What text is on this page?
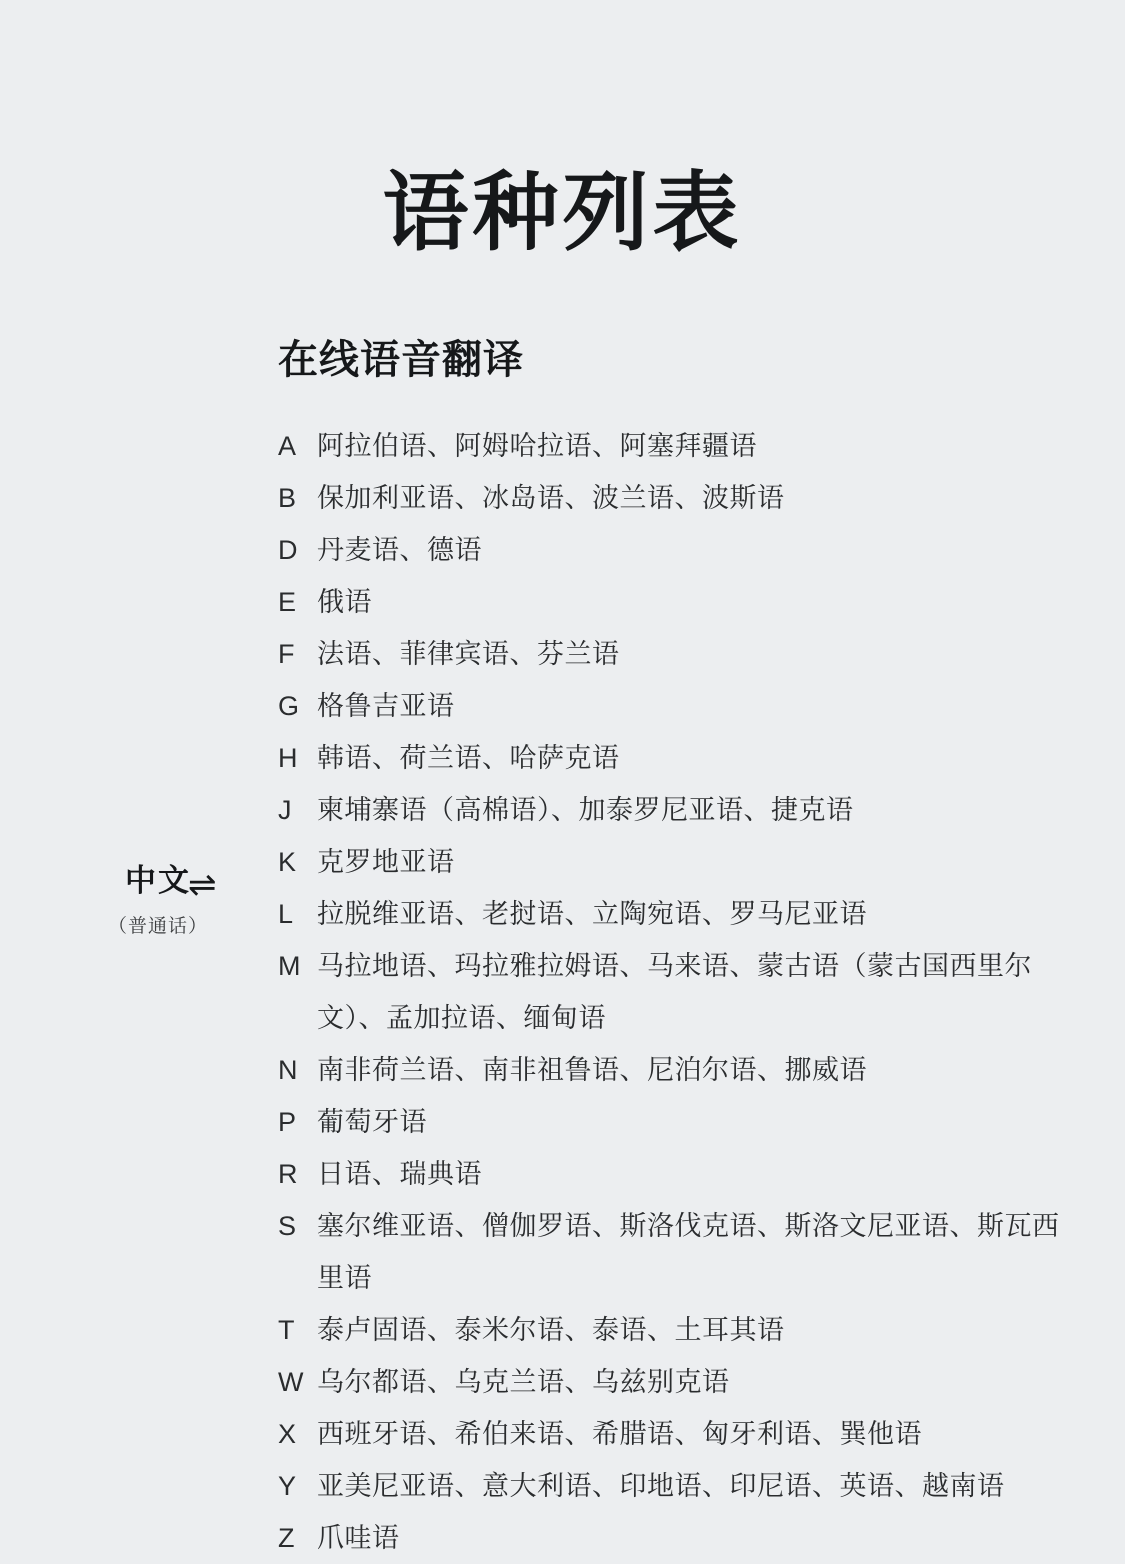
语种列表
中文
（普通话）
⇌
在线语音翻译
A 阿拉伯语、阿姆哈拉语、阿塞拜疆语
B 保加利亚语、冰岛语、波兰语、波斯语
D 丹麦语、德语
E 俄语
F 法语、菲律宾语、芬兰语
G 格鲁吉亚语
H 韩语、荷兰语、哈萨克语
J 柬埔寨语（高棉语）、加泰罗尼亚语、捷克语
K 克罗地亚语
L 拉脱维亚语、老挝语、立陶宛语、罗马尼亚语
M 马拉地语、玛拉雅拉姆语、马来语、蒙古语（蒙古国西里尔文）、孟加拉语、缅甸语
N 南非荷兰语、南非祖鲁语、尼泊尔语、挪威语
P 葡萄牙语
R 日语、瑞典语
S 塞尔维亚语、僧伽罗语、斯洛伐克语、斯洛文尼亚语、斯瓦西里语
T 泰卢固语、泰米尔语、泰语、土耳其语
W 乌尔都语、乌克兰语、乌兹别克语
X 西班牙语、希伯来语、希腊语、匈牙利语、巽他语
Y 亚美尼亚语、意大利语、印地语、印尼语、英语、越南语
Z 爪哇语
